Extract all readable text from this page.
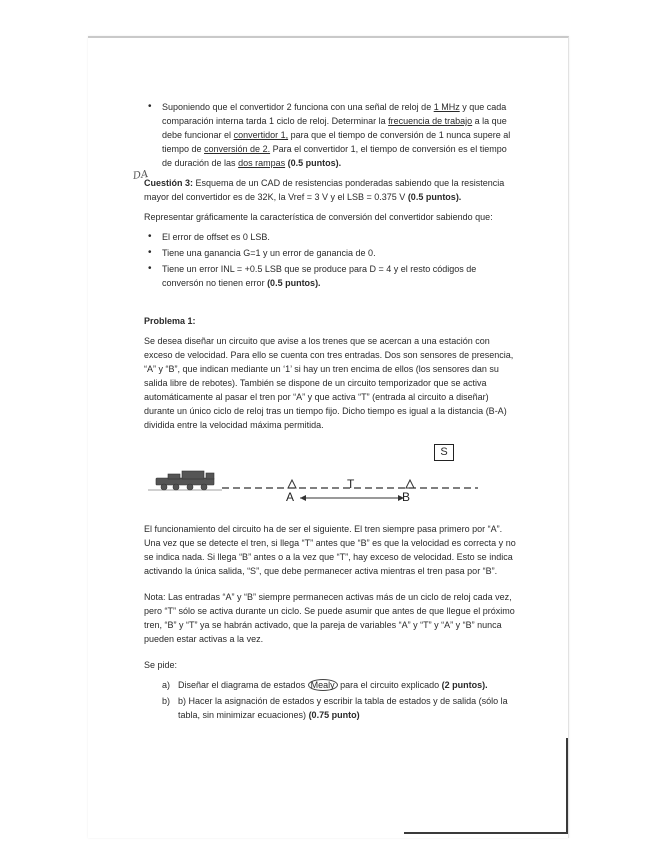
DA
• Suponiendo que el convertidor 2 funciona con una señal de reloj de 1 MHz y que cada comparación interna tarda 1 ciclo de reloj. Determinar la frecuencia de trabajo a la que debe funcionar el convertidor 1, para que el tiempo de conversión de 1 nunca supere al tiempo de conversión de 2. Para el convertidor 1, el tiempo de conversión es el tiempo de duración de las dos rampas (0.5 puntos).

Cuestión 3: Esquema de un CAD de resistencias ponderadas sabiendo que la resistencia mayor del convertidor es de 32K, la Vref = 3 V y el LSB = 0.375 V (0.5 puntos).

Representar gráficamente la característica de conversión del convertidor sabiendo que:

• El error de offset es 0 LSB.
• Tiene una ganancia G=1 y un error de ganancia de 0.
• Tiene un error INL = +0.5 LSB que se produce para D = 4 y el resto códigos de conversón no tienen error (0.5 puntos).

Problema 1:

Se desea diseñar un circuito que avise a los trenes que se acercan a una estación con exceso de velocidad. Para ello se cuenta con tres entradas. Dos son sensores de presencia, “A” y “B”, que indican mediante un ‘1’ si hay un tren encima de ellos (los sensores dan su salida libre de rebotes). También se dispone de un circuito temporizador que se activa automáticamente al pasar el tren por “A” y que activa “T” (entrada al circuito a diseñar) durante un único ciclo de reloj tras un tiempo fijo. Dicho tiempo es igual a la distancia (B-A) dividida entre la velocidad máxima permitida.

S
T
A	B

El funcionamiento del circuito ha de ser el siguiente. El tren siempre pasa primero por “A”. Una vez que se detecte el tren, si llega “T” antes que “B” es que la velocidad es correcta y no se indica nada. Si llega “B” antes o a la vez que “T”, hay exceso de velocidad. Esto se indica activando la única salida, “S”, que debe permanecer activa mientras el tren pasa por “B”.

Nota: Las entradas “A” y “B” siempre permanecen activas más de un ciclo de reloj cada vez, pero “T” sólo se activa durante un ciclo. Se puede asumir que antes de que llegue el próximo tren, “B” y “T” ya se habrán activado, que la pareja de variables “A” y “T” y “A” y “B” nunca pueden estar activas a la vez.

Se pide:

a) Diseñar el diagrama de estados Mealy para el circuito explicado (2 puntos).
b) b) Hacer la asignación de estados y escribir la tabla de estados y de salida (sólo la tabla, sin minimizar ecuaciones) (0.75 punto)
